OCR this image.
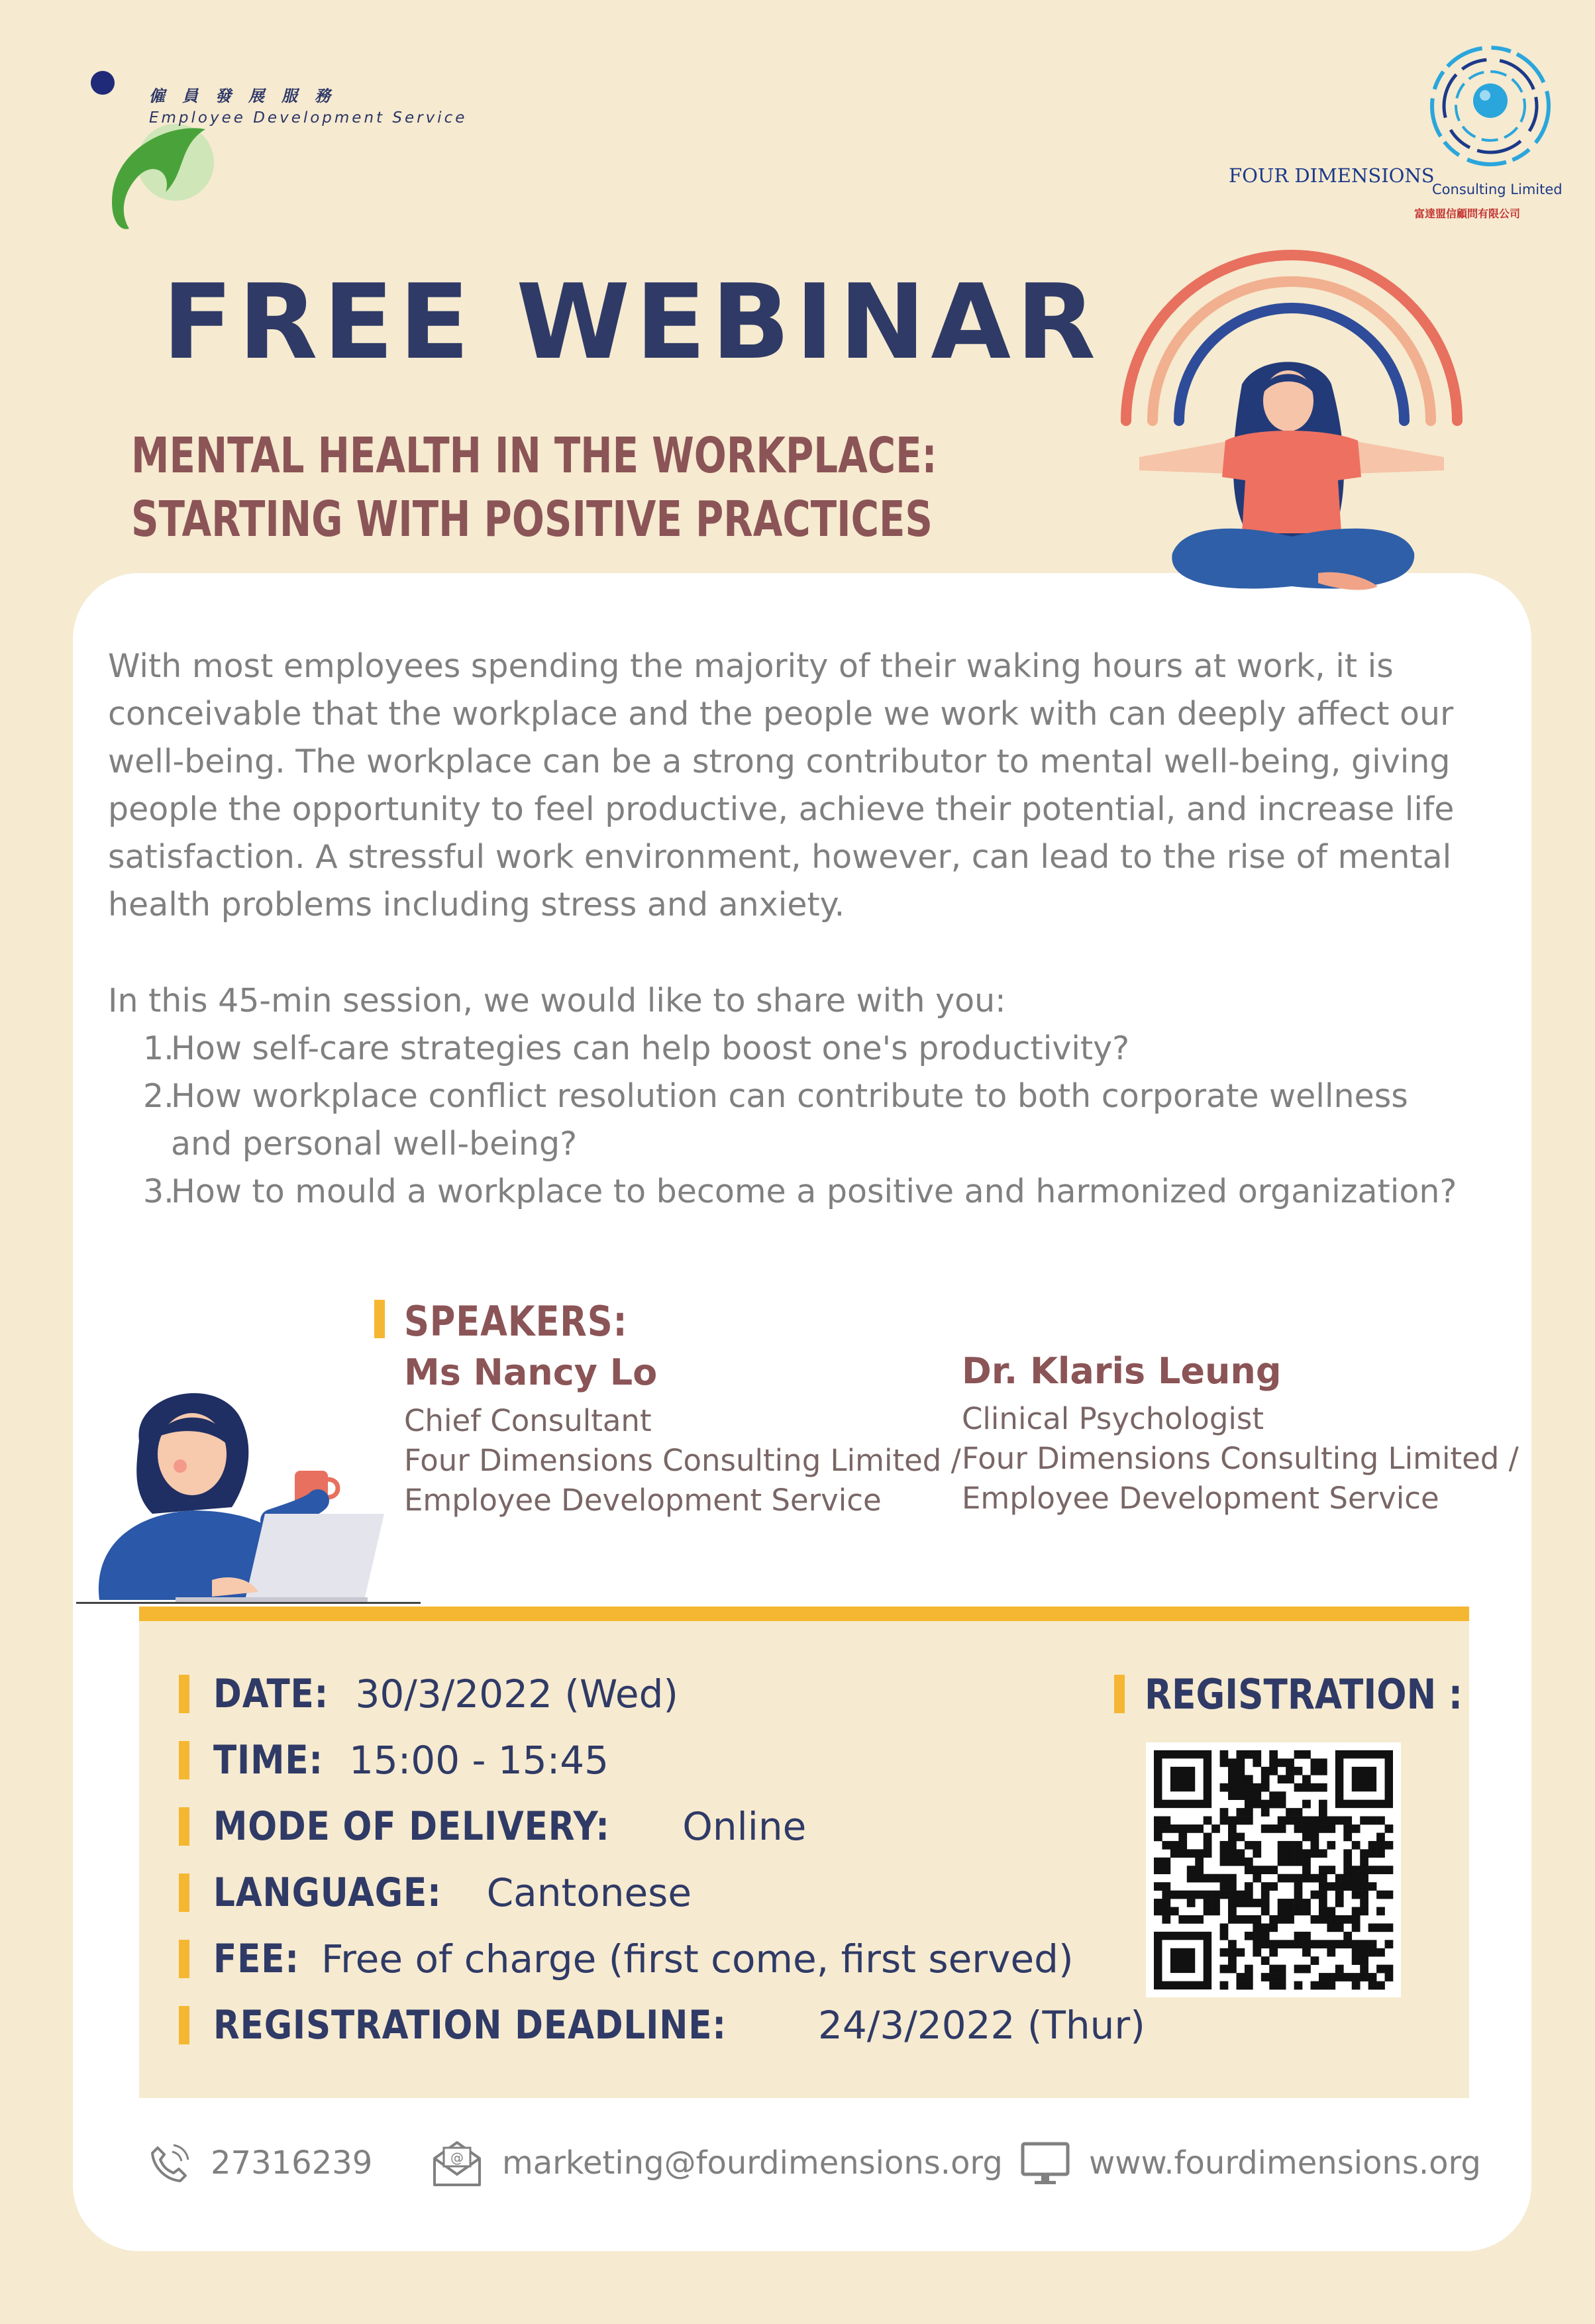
僱員發展服務
Employee Development Service
FOUR DIMENSIONS
Consulting Limited
富達盟信顧問有限公司
FREE WEBINAR
MENTAL HEALTH IN THE WORKPLACE:
STARTING WITH POSITIVE PRACTICES

With most employees spending the majority of their waking hours at work, it is conceivable that the workplace and the people we work with can deeply affect our well-being. The workplace can be a strong contributor to mental well-being, giving people the opportunity to feel productive, achieve their potential, and increase life satisfaction. A stressful work environment, however, can lead to the rise of mental health problems including stress and anxiety.

In this 45-min session, we would like to share with you:
1.How self-care strategies can help boost one's productivity?
2.How workplace conflict resolution can contribute to both corporate wellness
and personal well-being?
3.How to mould a workplace to become a positive and harmonized organization?
SPEAKERS:
Ms Nancy Lo
Chief Consultant
Four Dimensions Consulting Limited /
Employee Development Service
Dr. Klaris Leung
Clinical Psychologist
Four Dimensions Consulting Limited /
Employee Development Service
DATE: 30/3/2022 (Wed)
TIME: 15:00 - 15:45
MODE OF DELIVERY: Online
LANGUAGE: Cantonese
FEE: Free of charge (first come, first served)
REGISTRATION DEADLINE: 24/3/2022 (Thur)
REGISTRATION :
27316239	@ marketing@fourdimensions.org	www.fourdimensions.org
